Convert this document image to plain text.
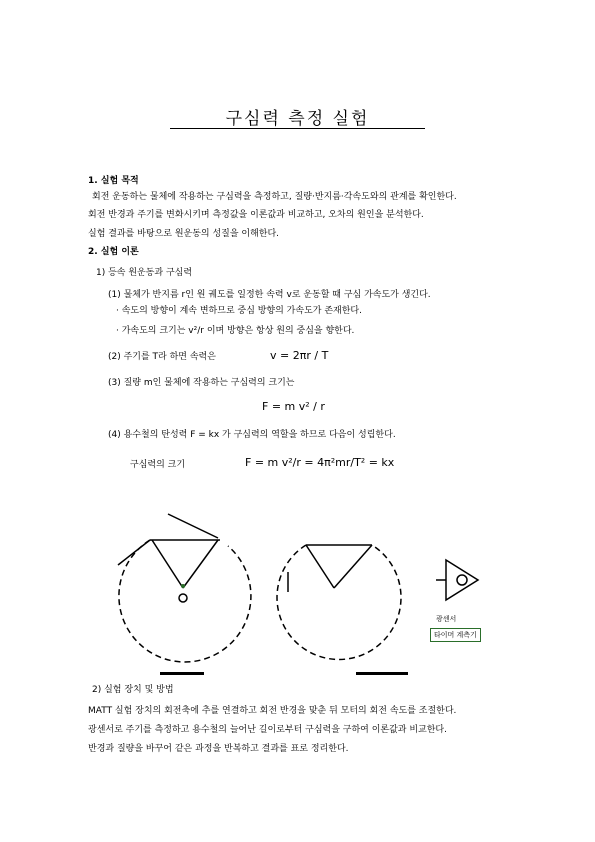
구심력 측정 실험
1. 실험 목적
회전 운동하는 물체에 작용하는 구심력을 측정하고, 질량·반지름·각속도와의 관계를 확인한다.
회전 반경과 주기를 변화시키며 측정값을 이론값과 비교하고, 오차의 원인을 분석한다.
실험 결과를 바탕으로 원운동의 성질을 이해한다.
2. 실험 이론
1) 등속 원운동과 구심력
(1) 물체가 반지름 r인 원 궤도를 일정한 속력 v로 운동할 때 구심 가속도가 생긴다.
· 속도의 방향이 계속 변하므로 중심 방향의 가속도가 존재한다.
· 가속도의 크기는 v²/r 이며 방향은 항상 원의 중심을 향한다.
(2) 주기를 T라 하면 속력은	v = 2πr / T
(3) 질량 m인 물체에 작용하는 구심력의 크기는
F = m v² / r
(4) 용수철의 탄성력 F = kx 가 구심력의 역할을 하므로 다음이 성립한다.
구심력의 크기	F = m v²/r = 4π²mr/T² = kx
광센서
타이머 계측기
2) 실험 장치 및 방법
MATT 실험 장치의 회전축에 추를 연결하고 회전 반경을 맞춘 뒤 모터의 회전 속도를 조절한다.
광센서로 주기를 측정하고 용수철의 늘어난 길이로부터 구심력을 구하여 이론값과 비교한다.
반경과 질량을 바꾸어 같은 과정을 반복하고 결과를 표로 정리한다.
